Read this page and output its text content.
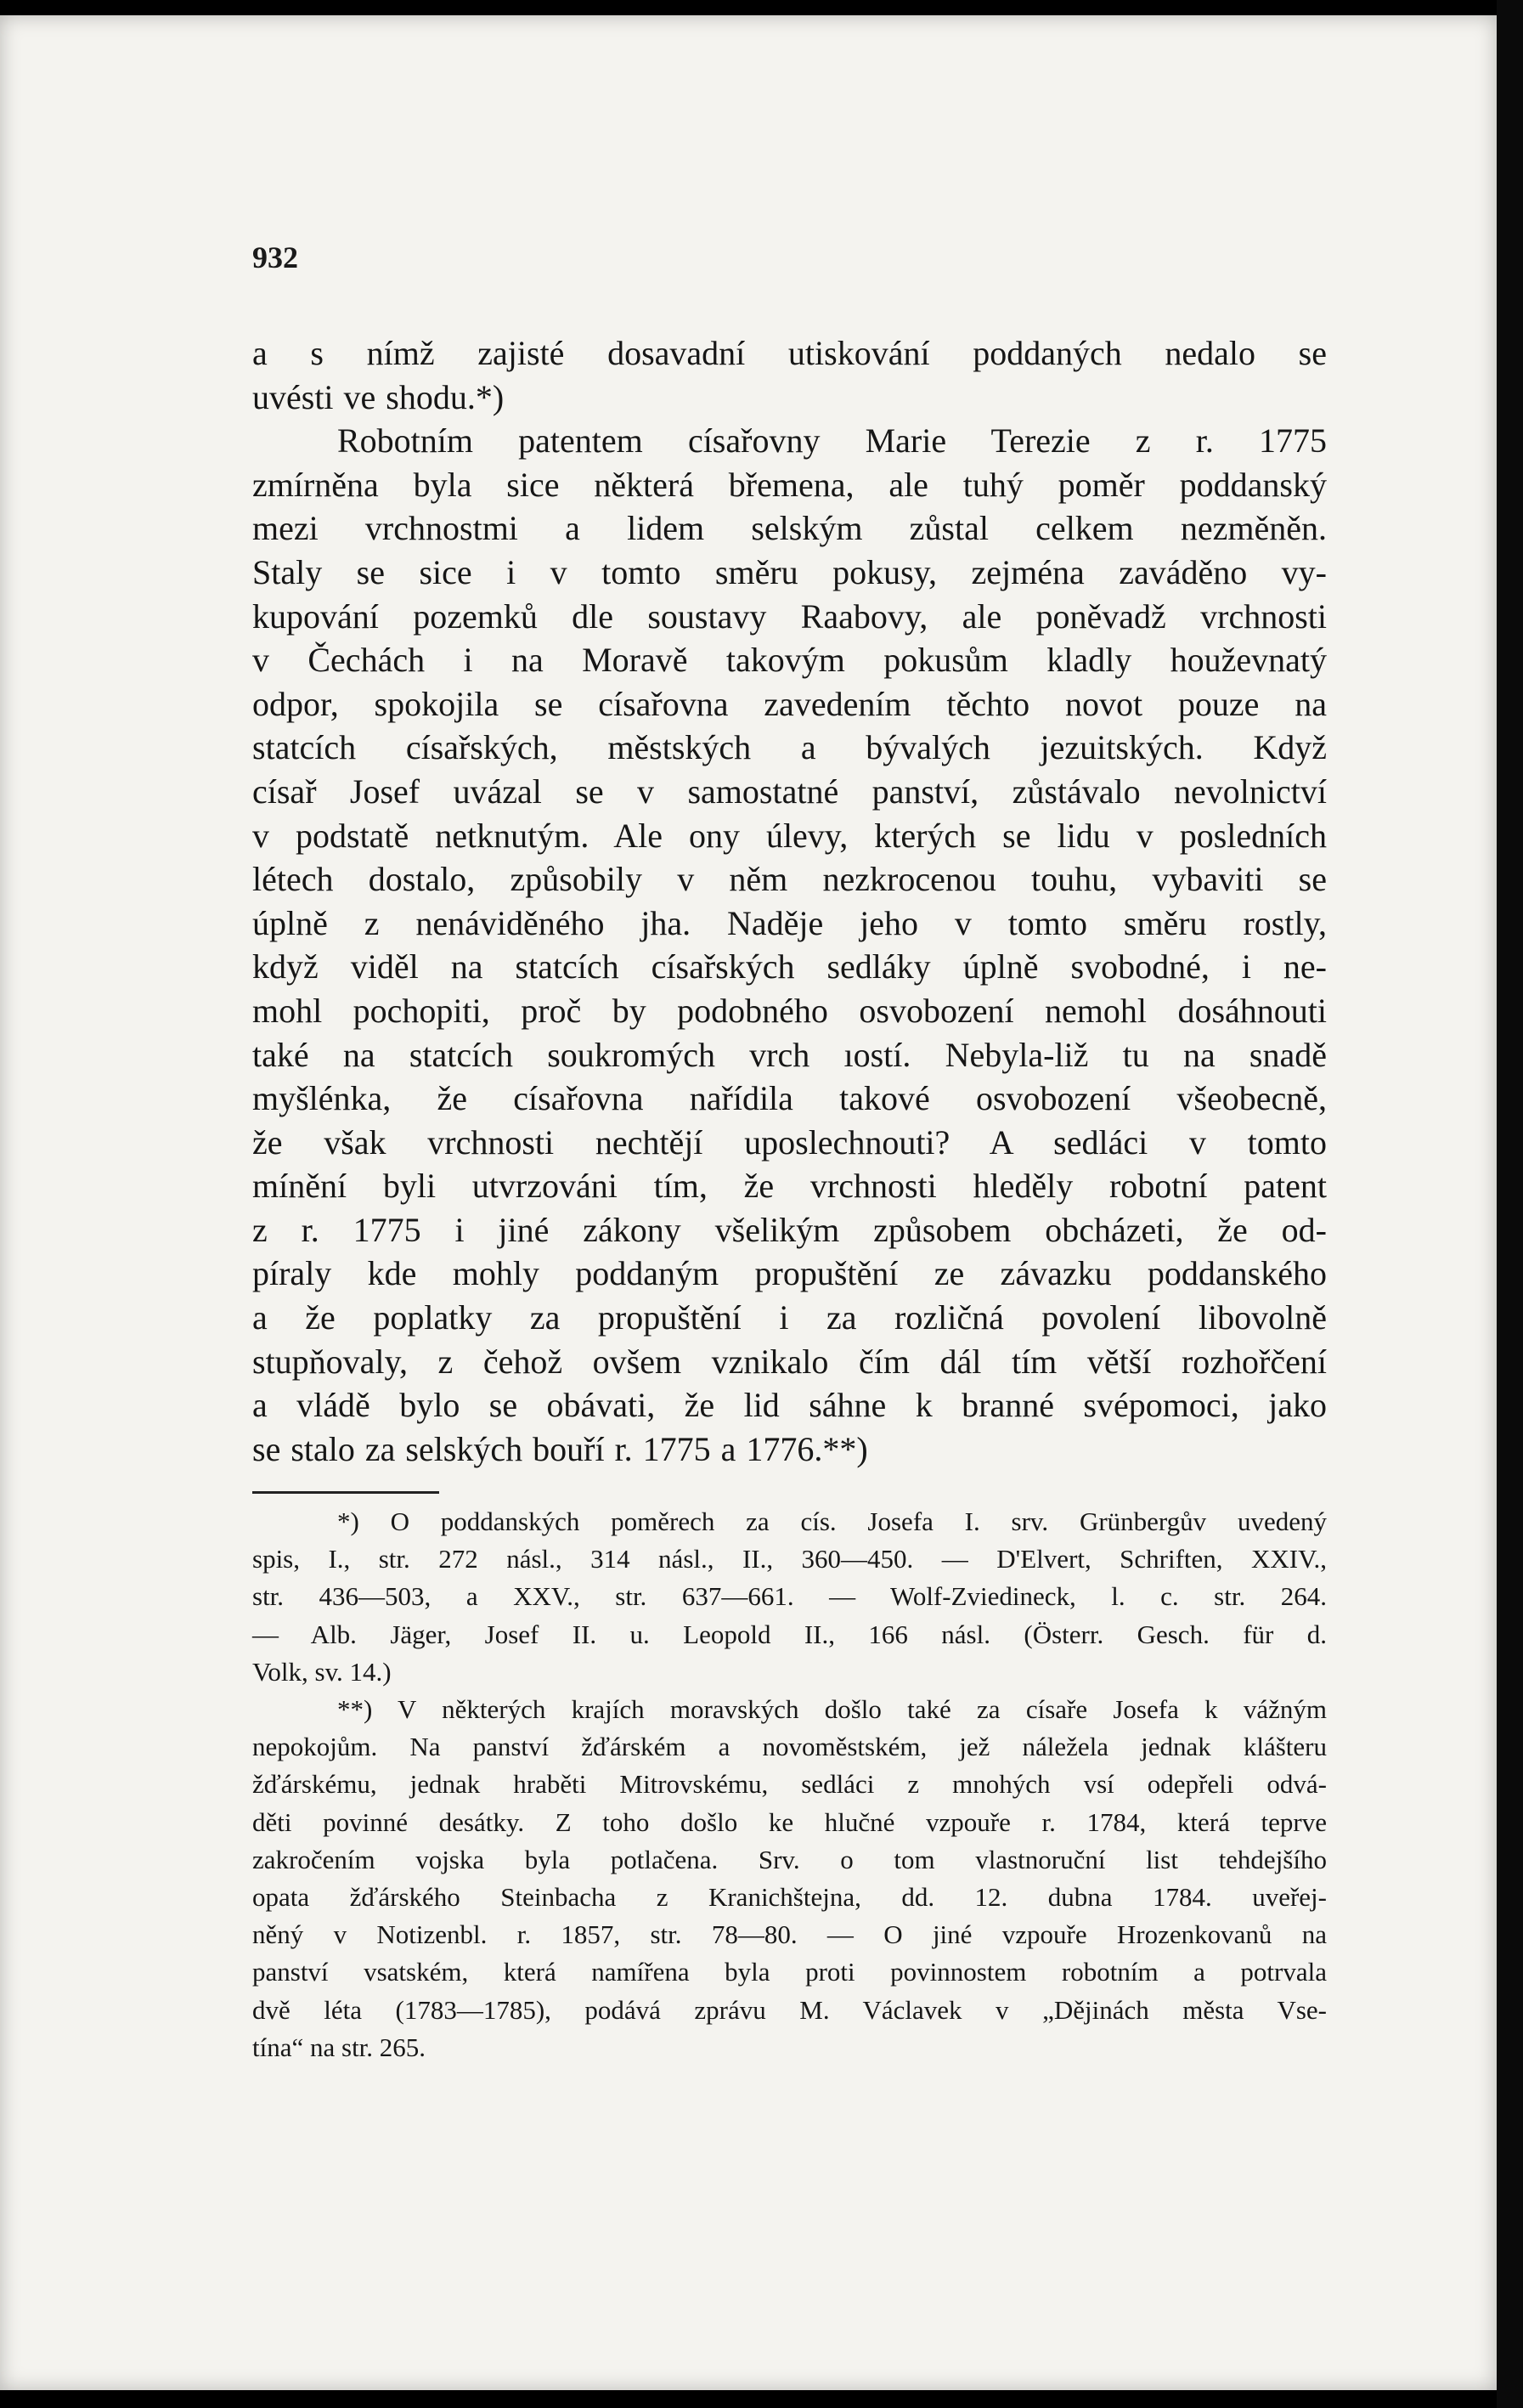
932
a s nímž zajisté dosavadní utiskování poddaných nedalo se
uvésti ve shodu.*)
Robotním patentem císařovny Marie Terezie z r. 1775
zmírněna byla sice některá břemena, ale tuhý poměr poddanský
mezi vrchnostmi a lidem selským zůstal celkem nezměněn.
Staly se sice i v tomto směru pokusy, zejména zaváděno vy-
kupování pozemků dle soustavy Raabovy, ale poněvadž vrchnosti
v Čechách i na Moravě takovým pokusům kladly houževnatý
odpor, spokojila se císařovna zavedením těchto novot pouze na
statcích císařských, městských a bývalých jezuitských. Když
císař Josef uvázal se v samostatné panství, zůstávalo nevolnictví
v podstatě netknutým. Ale ony úlevy, kterých se lidu v posledních
létech dostalo, způsobily v něm nezkrocenou touhu, vybaviti se
úplně z nenáviděného jha. Naděje jeho v tomto směru rostly,
když viděl na statcích císařských sedláky úplně svobodné, i ne-
mohl pochopiti, proč by podobného osvobození nemohl dosáhnouti
také na statcích soukromých vrch ıostí. Nebyla-liž tu na snadě
myšlénka, že císařovna nařídila takové osvobození všeobecně,
že však vrchnosti nechtějí uposlechnouti? A sedláci v tomto
mínění byli utvrzováni tím, že vrchnosti hleděly robotní patent
z r. 1775 i jiné zákony všelikým způsobem obcházeti, že od-
píraly kde mohly poddaným propuštění ze závazku poddanského
a že poplatky za propuštění i za rozličná povolení libovolně
stupňovaly, z čehož ovšem vznikalo čím dál tím větší rozhořčení
a vládě bylo se obávati, že lid sáhne k branné svépomoci, jako
se stalo za selských bouří r. 1775 a 1776.**)
*) O poddanských poměrech za cís. Josefa I. srv. Grünbergův uvedený
spis, I., str. 272 násl., 314 násl., II., 360—450. — D'Elvert, Schriften, XXIV.,
str. 436—503, a XXV., str. 637—661. — Wolf-Zviedineck, l. c. str. 264.
— Alb. Jäger, Josef II. u. Leopold II., 166 násl. (Österr. Gesch. für d.
Volk, sv. 14.)
**) V některých krajích moravských došlo také za císaře Josefa k vážným
nepokojům. Na panství žďárském a novoměstském, jež náležela jednak klášteru
žďárskému, jednak hraběti Mitrovskému, sedláci z mnohých vsí odepřeli odvá-
děti povinné desátky. Z toho došlo ke hlučné vzpouře r. 1784, která teprve
zakročením vojska byla potlačena. Srv. o tom vlastnoruční list tehdejšího
opata žďárského Steinbacha z Kranichštejna, dd. 12. dubna 1784. uveřej-
něný v Notizenbl. r. 1857, str. 78—80. — O jiné vzpouře Hrozenkovanů na
panství vsatském, která namířena byla proti povinnostem robotním a potrvala
dvě léta (1783—1785), podává zprávu M. Václavek v „Dějinách města Vse-
tína“ na str. 265.
